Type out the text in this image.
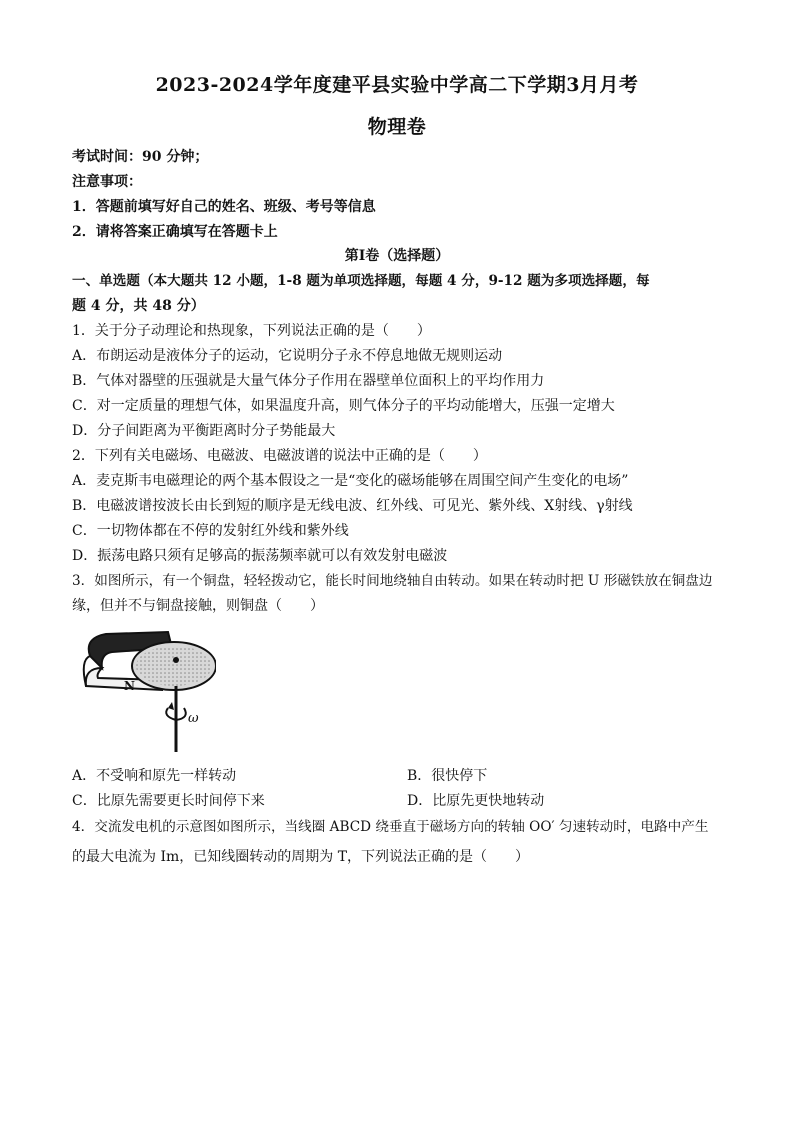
2023-2024学年度建平县实验中学高二下学期3月月考
物理卷
考试时间：90 分钟；
注意事项：
1．答题前填写好自己的姓名、班级、考号等信息
2．请将答案正确填写在答题卡上
第Ⅰ卷（选择题）
一、单选题（本大题共 12 小题，1-8 题为单项选择题，每题 4 分，9-12 题为多项选择题，每
题 4 分，共 48 分）
1．关于分子动理论和热现象，下列说法正确的是（　　）
A．布朗运动是液体分子的运动，它说明分子永不停息地做无规则运动
B．气体对器壁的压强就是大量气体分子作用在器壁单位面积上的平均作用力
C．对一定质量的理想气体，如果温度升高，则气体分子的平均动能增大，压强一定增大
D．分子间距离为平衡距离时分子势能最大
2．下列有关电磁场、电磁波、电磁波谱的说法中正确的是（　　）
A．麦克斯韦电磁理论的两个基本假设之一是“变化的磁场能够在周围空间产生变化的电场”
B．电磁波谱按波长由长到短的顺序是无线电波、红外线、可见光、紫外线、X射线、γ射线
C．一切物体都在不停的发射红外线和紫外线
D．振荡电路只须有足够高的振荡频率就可以有效发射电磁波
3．如图所示，有一个铜盘，轻轻拨动它，能长时间地绕轴自由转动。如果在转动时把 U 形磁铁放在铜盘边
缘，但并不与铜盘接触，则铜盘（　　）
N
ω
A．不受响和原先一样转动	B．很快停下
C．比原先需要更长时间停下来	D．比原先更快地转动
4．交流发电机的示意图如图所示，当线圈 ABCD 绕垂直于磁场方向的转轴 OO′ 匀速转动时，电路中产生
的最大电流为 Im，已知线圈转动的周期为 T，下列说法正确的是（　　）
